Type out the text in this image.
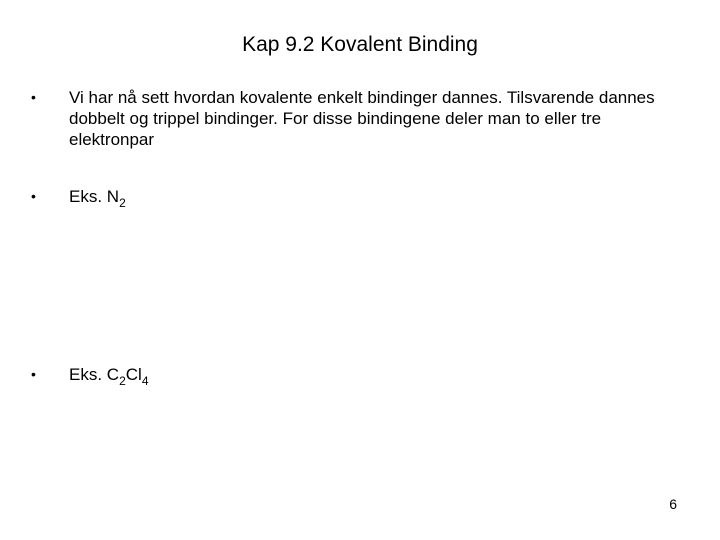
Kap 9.2 Kovalent Binding
• Vi har nå sett hvordan kovalente enkelt bindinger dannes. Tilsvarende dannes dobbelt og trippel bindinger. For disse bindingene deler man to eller tre elektronpar
• Eks. $N_2$
• Eks. $C_2Cl_4$
6
